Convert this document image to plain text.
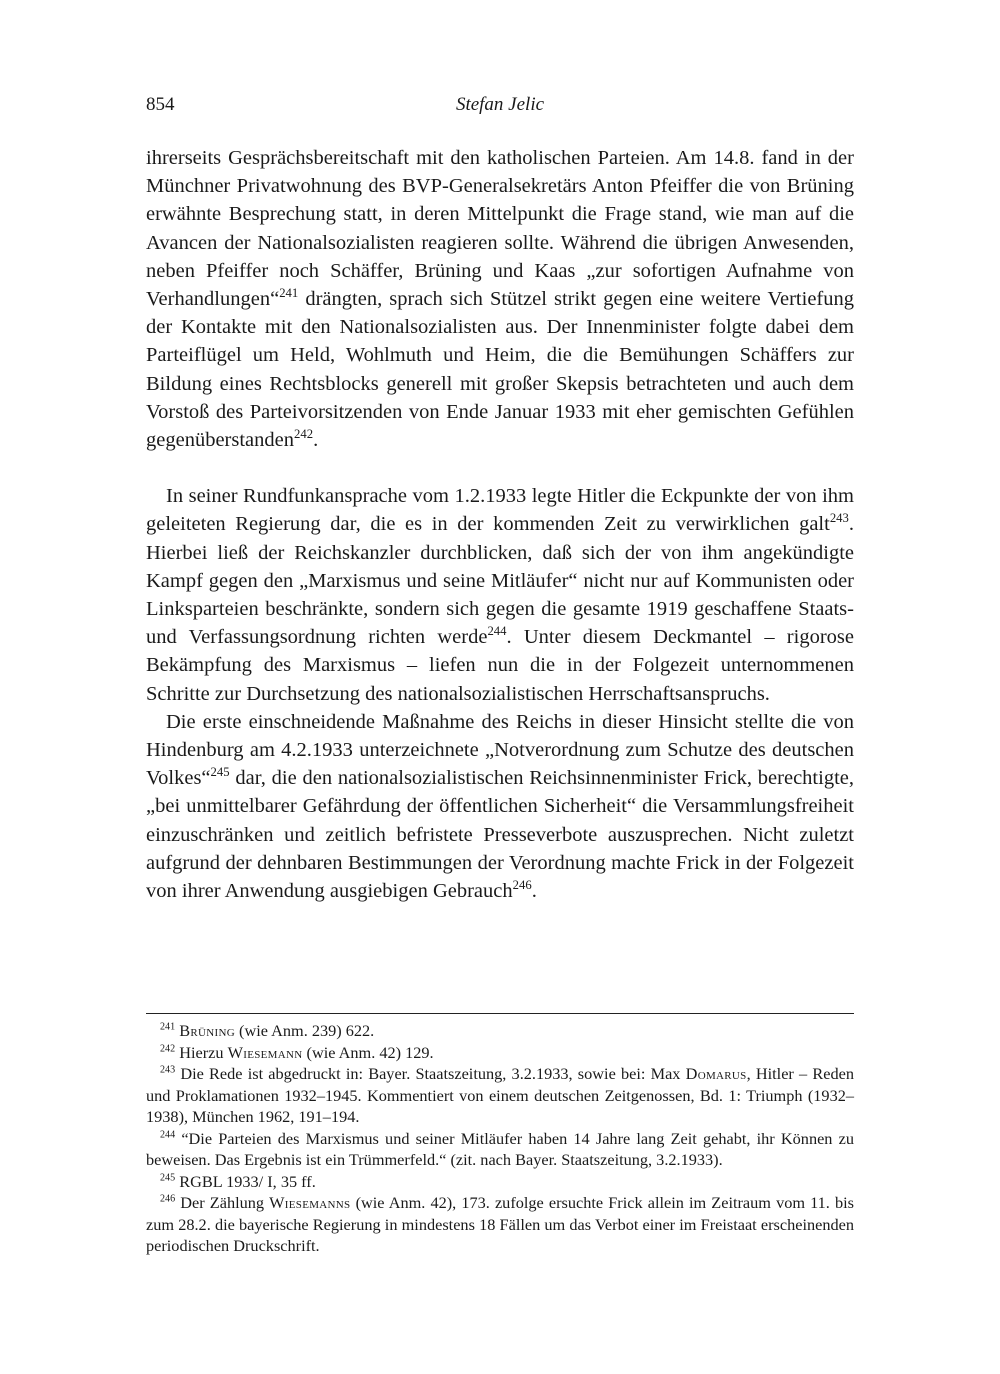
854	Stefan Jelic

ihrerseits Gesprächsbereitschaft mit den katholischen Parteien. Am 14.8. fand in der Münchner Privatwohnung des BVP-Generalsekretärs Anton Pfeiffer die von Brüning erwähnte Besprechung statt, in deren Mittelpunkt die Frage stand, wie man auf die Avancen der Nationalsozialisten reagieren sollte. Während die übrigen Anwesenden, neben Pfeiffer noch Schäffer, Brüning und Kaas „zur sofortigen Aufnahme von Verhandlungen“$^{241}$ drängten, sprach sich Stützel strikt gegen eine weitere Vertiefung der Kontakte mit den Nationalsozialisten aus. Der Innenminister folgte dabei dem Parteiflügel um Held, Wohlmuth und Heim, die die Bemühungen Schäffers zur Bildung eines Rechtsblocks generell mit großer Skepsis betrachteten und auch dem Vorstoß des Parteivorsitzenden von Ende Januar 1933 mit eher gemischten Gefühlen gegenüberstanden$^{242}$.

In seiner Rundfunkansprache vom 1.2.1933 legte Hitler die Eckpunkte der von ihm geleiteten Regierung dar, die es in der kommenden Zeit zu verwirklichen galt$^{243}$. Hierbei ließ der Reichskanzler durchblicken, daß sich der von ihm angekündigte Kampf gegen den „Marxismus und seine Mitläufer“ nicht nur auf Kommunisten oder Linksparteien beschränkte, sondern sich gegen die gesamte 1919 geschaffene Staats- und Verfassungsordnung richten werde$^{244}$. Unter diesem Deckmantel – rigorose Bekämpfung des Marxismus – liefen nun die in der Folgezeit unternommenen Schritte zur Durchsetzung des nationalsozialistischen Herrschaftsanspruchs.

Die erste einschneidende Maßnahme des Reichs in dieser Hinsicht stellte die von Hindenburg am 4.2.1933 unterzeichnete „Notverordnung zum Schutze des deutschen Volkes“$^{245}$ dar, die den nationalsozialistischen Reichsinnenminister Frick, berechtigte, „bei unmittelbarer Gefährdung der öffentlichen Sicherheit“ die Versammlungsfreiheit einzuschränken und zeitlich befristete Presseverbote auszusprechen. Nicht zuletzt aufgrund der dehnbaren Bestimmungen der Verordnung machte Frick in der Folgezeit von ihrer Anwendung ausgiebigen Gebrauch$^{246}$.

$^{241}$ Brüning (wie Anm. 239) 622.

$^{242}$ Hierzu Wiesemann (wie Anm. 42) 129.

$^{243}$ Die Rede ist abgedruckt in: Bayer. Staatszeitung, 3.2.1933, sowie bei: Max Domarus, Hitler – Reden und Proklamationen 1932–1945. Kommentiert von einem deutschen Zeitgenossen, Bd. 1: Triumph (1932–1938), München 1962, 191–194.

$^{244}$ “Die Parteien des Marxismus und seiner Mitläufer haben 14 Jahre lang Zeit gehabt, ihr Können zu beweisen. Das Ergebnis ist ein Trümmerfeld.“ (zit. nach Bayer. Staatszeitung, 3.2.1933).

$^{245}$ RGBL 1933/ I, 35 ff.

$^{246}$ Der Zählung Wiesemanns (wie Anm. 42), 173. zufolge ersuchte Frick allein im Zeitraum vom 11. bis zum 28.2. die bayerische Regierung in mindestens 18 Fällen um das Verbot einer im Freistaat erscheinenden periodischen Druckschrift.
